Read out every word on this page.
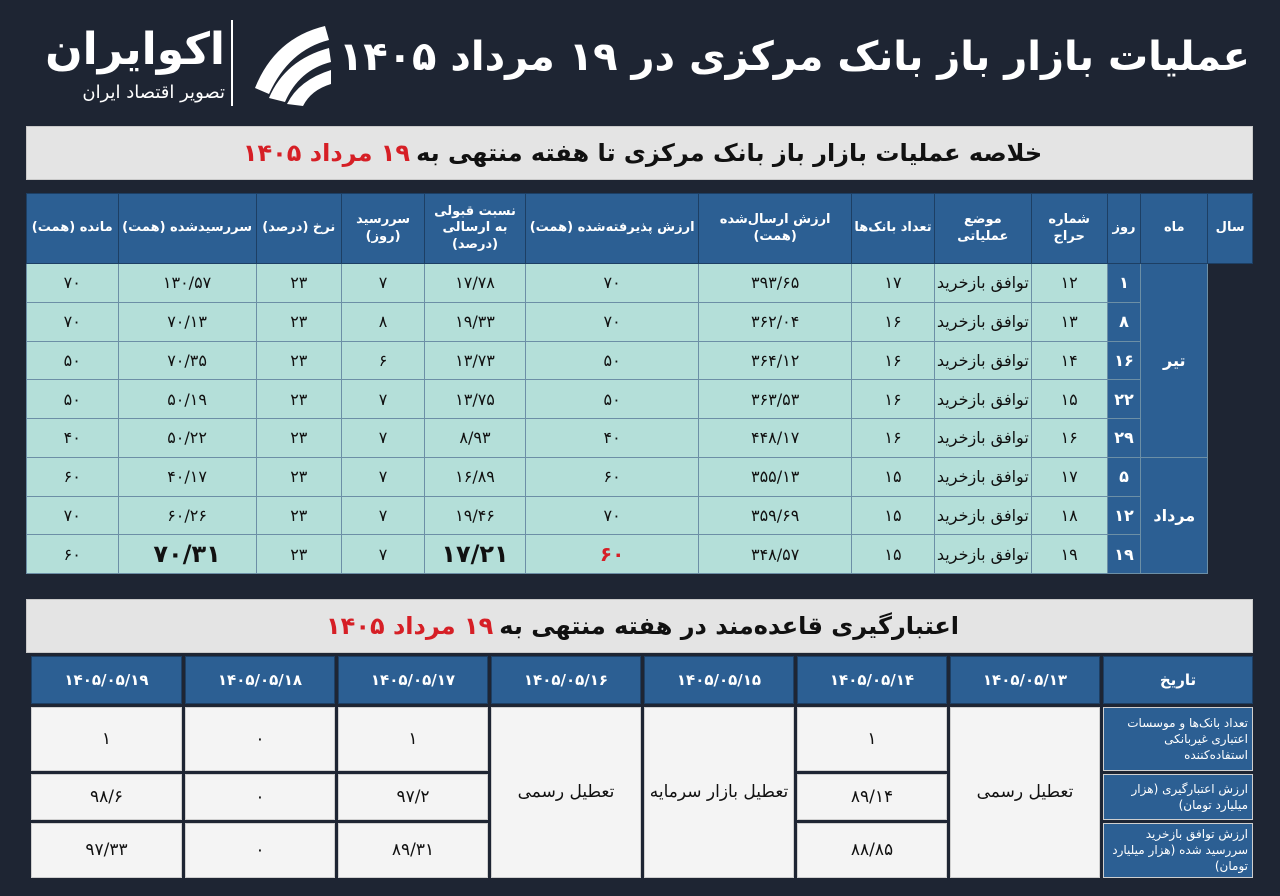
عملیات بازار باز بانک مرکزی در ۱۹ مرداد ۱۴۰۵
اکوایران
تصویر اقتصاد ایران
خلاصه عملیات بازار باز بانک مرکزی تا هفته منتهی به
۱۹ مرداد ۱۴۰۵
سال	ماه	روز	شماره حراج	موضع عملیاتی	تعداد بانک‌ها	ارزش ارسال‌شده (همت)	ارزش پذیرفته‌شده (همت)	نسبت قبولی به ارسالی (درصد)	سررسید (روز)	نرخ (درصد)	سررسیدشده (همت)	مانده (همت)
	تیر	۱	۱۲	توافق بازخرید	۱۷	۳۹۳/۶۵	۷۰	۱۷/۷۸	۷	۲۳	۱۳۰/۵۷	۷۰
		۸	۱۳	توافق بازخرید	۱۶	۳۶۲/۰۴	۷۰	۱۹/۳۳	۸	۲۳	۷۰/۱۳	۷۰
		۱۶	۱۴	توافق بازخرید	۱۶	۳۶۴/۱۲	۵۰	۱۳/۷۳	۶	۲۳	۷۰/۳۵	۵۰
		۲۲	۱۵	توافق بازخرید	۱۶	۳۶۳/۵۳	۵۰	۱۳/۷۵	۷	۲۳	۵۰/۱۹	۵۰
		۲۹	۱۶	توافق بازخرید	۱۶	۴۴۸/۱۷	۴۰	۸/۹۳	۷	۲۳	۵۰/۲۲	۴۰
	مرداد	۵	۱۷	توافق بازخرید	۱۵	۳۵۵/۱۳	۶۰	۱۶/۸۹	۷	۲۳	۴۰/۱۷	۶۰
		۱۲	۱۸	توافق بازخرید	۱۵	۳۵۹/۶۹	۷۰	۱۹/۴۶	۷	۲۳	۶۰/۲۶	۷۰
		۱۹	۱۹	توافق بازخرید	۱۵	۳۴۸/۵۷	۶۰	۱۷/۲۱	۷	۲۳	۷۰/۳۱	۶۰
اعتبارگیری قاعده‌مند در هفته منتهی به
۱۹ مرداد ۱۴۰۵
تاریخ	۱۴۰۵/۰۵/۱۳	۱۴۰۵/۰۵/۱۴	۱۴۰۵/۰۵/۱۵	۱۴۰۵/۰۵/۱۶	۱۴۰۵/۰۵/۱۷	۱۴۰۵/۰۵/۱۸	۱۴۰۵/۰۵/۱۹
تعداد بانک‌ها و موسسات اعتباری غیربانکی استفاده‌کننده	تعطیل رسمی	۱	تعطیل بازار سرمایه	تعطیل رسمی	۱	۰	۱
ارزش اعتبارگیری (هزار میلیارد تومان)		۸۹/۱۴			۹۷/۲	۰	۹۸/۶
ارزش توافق بازخرید سررسید شده (هزار میلیارد تومان)		۸۸/۸۵			۸۹/۳۱	۰	۹۷/۳۳
